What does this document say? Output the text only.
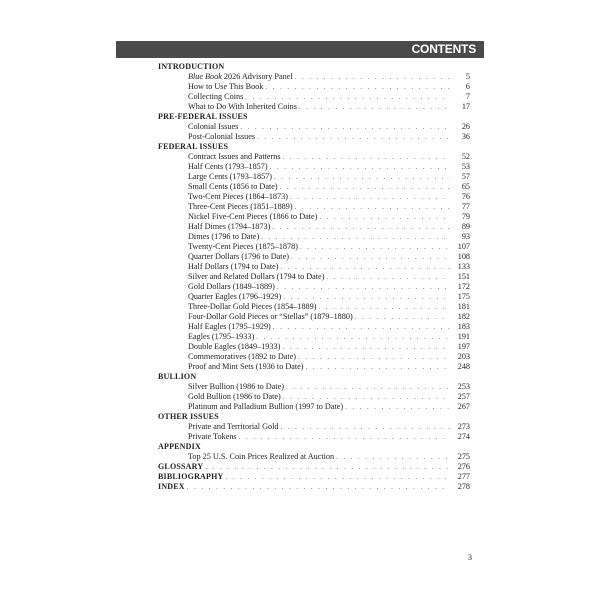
CONTENTS
INTRODUCTION
Blue Book 2026 Advisory Panel . . .	5
How to Use This Book . . .	6
Collecting Coins . . .	7
What to Do With Inherited Coins . . .	17
PRE-FEDERAL ISSUES
Colonial Issues . . .	26
Post-Colonial Issues . . .	36
FEDERAL ISSUES
Contract Issues and Patterns . . .	52
Half Cents (1793–1857) . . .	53
Large Cents (1793–1857) . . .	57
Small Cents (1856 to Date) . . .	65
Two-Cent Pieces (1864–1873) . . .	76
Three-Cent Pieces (1851–1889) . . .	77
Nickel Five-Cent Pieces (1866 to Date) . . .	79
Half Dimes (1794–1873) . . .	89
Dimes (1796 to Date) . . .	93
Twenty-Cent Pieces (1875–1878) . . .	107
Quarter Dollars (1796 to Date) . . .	108
Half Dollars (1794 to Date) . . .	133
Silver and Related Dollars (1794 to Date) . . .	151
Gold Dollars (1849–1889) . . .	172
Quarter Eagles (1796–1929) . . .	175
Three-Dollar Gold Pieces (1854–1889) . . .	181
Four-Dollar Gold Pieces or “Stellas” (1879–1880) . . .	182
Half Eagles (1795–1929) . . .	183
Eagles (1795–1933) . . .	191
Double Eagles (1849–1933) . . .	197
Commemoratives (1892 to Date) . . .	203
Proof and Mint Sets (1936 to Date) . . .	248
BULLION
Silver Bullion (1986 to Date) . . .	253
Gold Bullion (1986 to Date) . . .	257
Platinum and Palladium Bullion (1997 to Date) . . .	267
OTHER ISSUES
Private and Territorial Gold . . .	273
Private Tokens . . .	274
APPENDIX
Top 25 U.S. Coin Prices Realized at Auction . . .	275
GLOSSARY . . .	276
BIBLIOGRAPHY . . .	277
INDEX . . .	278
3
